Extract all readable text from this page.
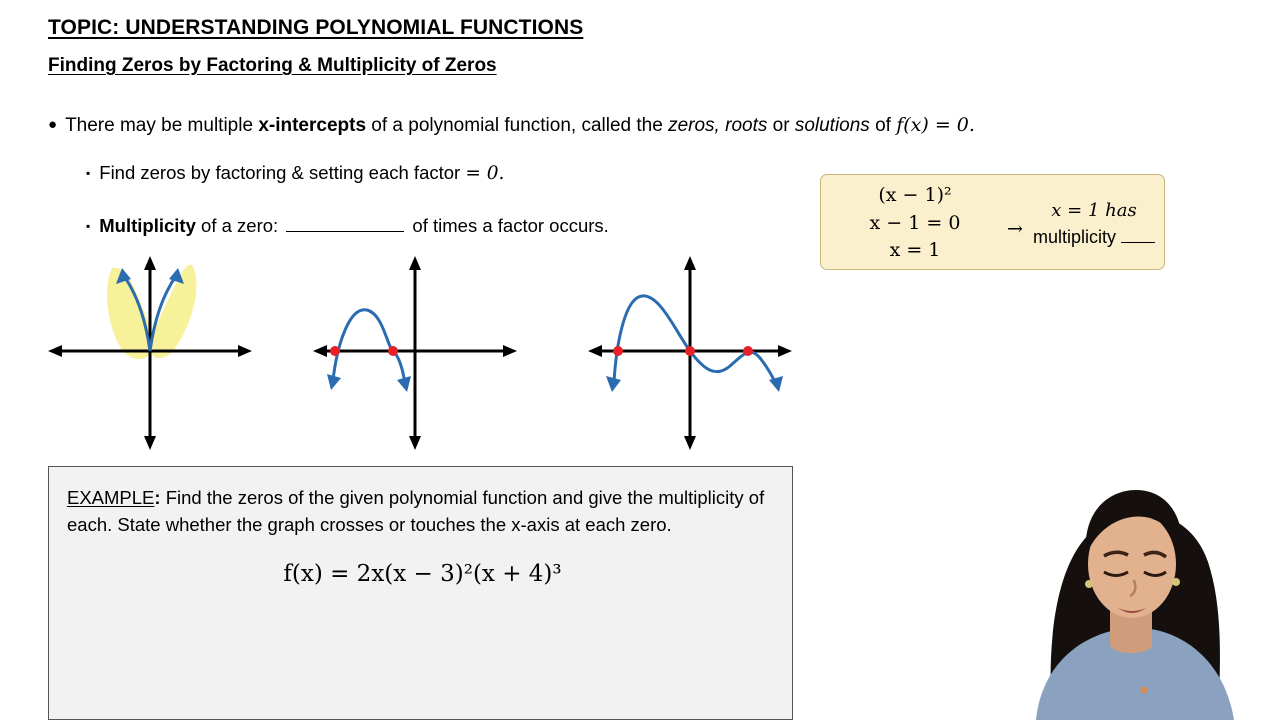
TOPIC: UNDERSTANDING POLYNOMIAL FUNCTIONS
Finding Zeros by Factoring & Multiplicity of Zeros
● There may be multiple x-intercepts of a polynomial function, called the zeros, roots or solutions of f(x) = 0.
▪ Find zeros by factoring & setting each factor = 0.
▪ Multiplicity of a zero:	of times a factor occurs.
(x − 1)²
x − 1 = 0
x = 1
→
x = 1 has
multiplicity
EXAMPLE: Find the zeros of the given polynomial function and give the multiplicity of each. State whether the graph crosses or touches the x-axis at each zero.
f(x) = 2x(x − 3)²(x + 4)³
